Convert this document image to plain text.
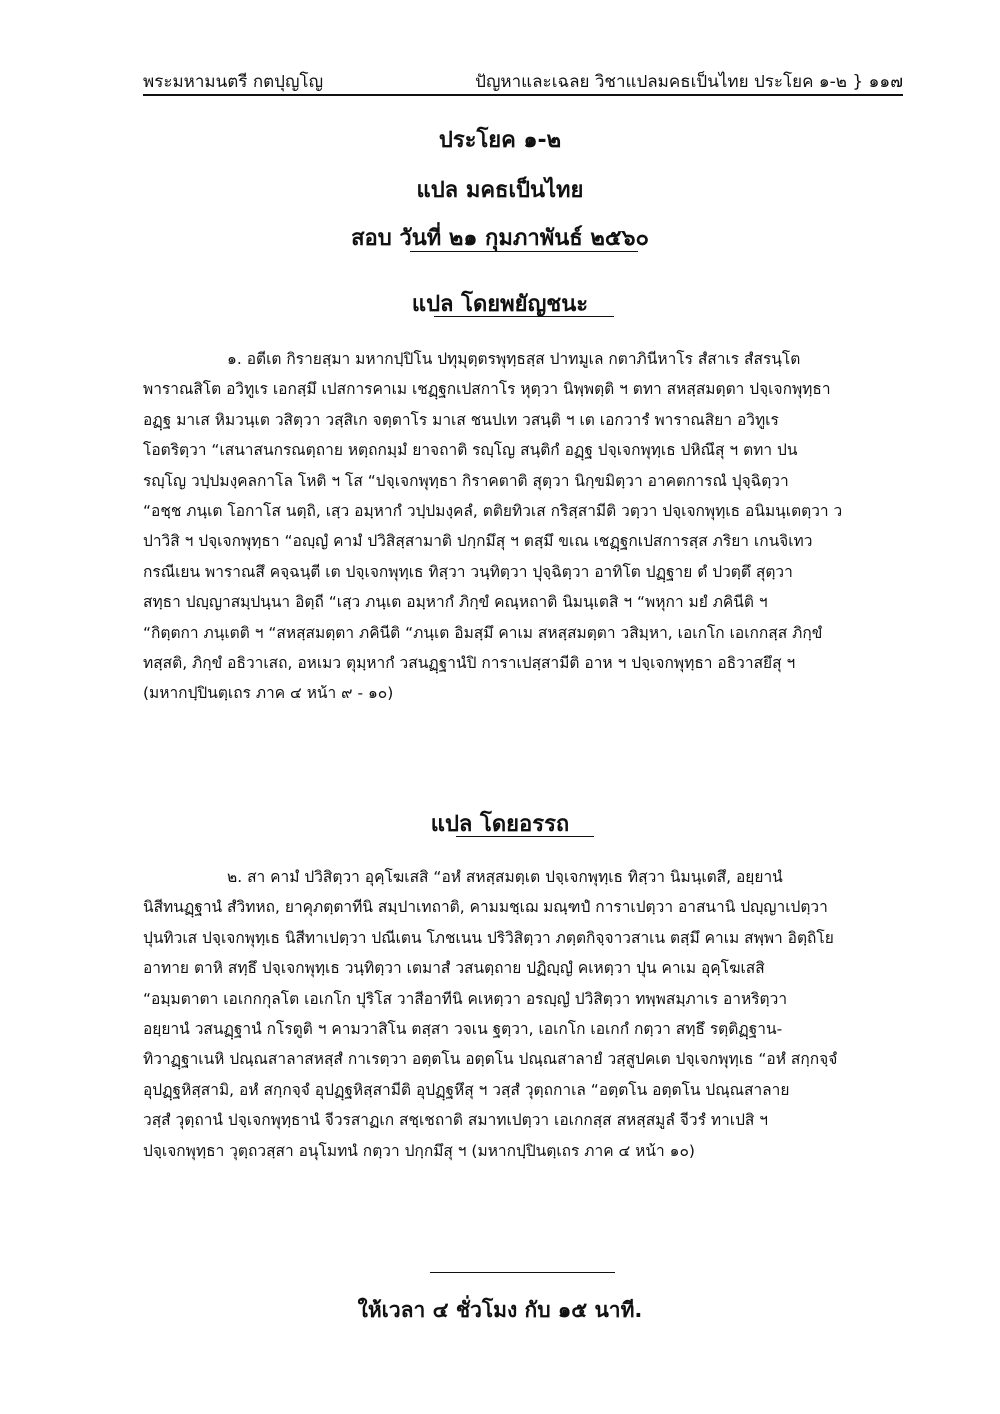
พระมหามนตรี กตปุญโญ	ปัญหาและเฉลย วิชาแปลมคธเป็นไทย ประโยค ๑-๒ } ๑๑๗
ประโยค ๑-๒
แปล มคธเป็นไทย
สอบ วันที่ ๒๑ กุมภาพันธ์ ๒๕๖๐
แปล โดยพยัญชนะ
๑. อตีเต กิรายสฺมา มหากปฺปิโน ปทุมุตฺตรพุทฺธสฺส ปาทมูเล กตาภินีหาโร สํสาเร สํสรนฺโต
พาราณสิโต อวิทูเร เอกสฺมึ เปสการคาเม เชฏฺฐกเปสกาโร หุตฺวา นิพฺพตฺติ ฯ ตทา สหสฺสมตฺตา ปจฺเจกพุทฺธา
อฏฺฐ มาเส หิมวนฺเต วสิตฺวา วสฺสิเก จตฺตาโร มาเส ชนปเท วสนฺติ ฯ เต เอกวารํ พาราณสิยา อวิทูเร
โอตริตฺวา “เสนาสนกรณตฺถาย หตฺถกมฺมํ ยาจถาติ รญฺโญ สนฺติกํ อฏฺฐ ปจฺเจกพุทฺเธ ปหิณึสุ ฯ ตทา ปน
รญฺโญ วปฺปมงฺคลกาโล โหติ ฯ โส “ปจฺเจกพุทฺธา กิราคตาติ สุตฺวา นิกฺขมิตฺวา อาคตการณํ ปุจฺฉิตฺวา
“อชฺช ภนฺเต โอกาโส นตฺถิ, เสฺว อมฺหากํ วปฺปมงฺคลํ, ตติยทิวเส กริสฺสามีติ วตฺวา ปจฺเจกพุทฺเธ อนิมนฺเตตฺวา ว
ปาวิสิ ฯ ปจฺเจกพุทฺธา “อญฺญํ คามํ ปวิสิสฺสามาติ ปกฺกมึสุ ฯ ตสฺมึ ขเณ เชฏฺฐกเปสการสฺส ภริยา เกนจิเทว
กรณีเยน พาราณสึ คจฺฉนฺตี เต ปจฺเจกพุทฺเธ ทิสฺวา วนฺทิตฺวา ปุจฺฉิตฺวา อาทิโต ปฏฺฐาย ตํ ปวตฺตึ สุตฺวา
สทฺธา ปญฺญาสมฺปนฺนา อิตฺถี “เสฺว ภนฺเต อมฺหากํ ภิกฺขํ คณฺหถาติ นิมนฺเตสิ ฯ “พหุกา มยํ ภคินีติ ฯ
“กิตฺตกา ภนฺเตติ ฯ “สหสฺสมตฺตา ภคินีติ “ภนฺเต อิมสฺมึ คาเม สหสฺสมตฺตา วสิมฺหา, เอเกโก เอเกกสฺส ภิกฺขํ
ทสฺสติ, ภิกฺขํ อธิวาเสถ, อหเมว ตุมฺหากํ วสนฏฺฐานํปิ การาเปสฺสามีติ อาห ฯ ปจฺเจกพุทฺธา อธิวาสยึสุ ฯ
(มหากปฺปินตฺเถร ภาค ๔ หน้า ๙ - ๑๐)
แปล โดยอรรถ
๒. สา คามํ ปวิสิตฺวา อุคฺโฆเสสิ “อหํ สหสฺสมตฺเต ปจฺเจกพุทฺเธ ทิสฺวา นิมนฺเตสึ, อยฺยานํ
นิสีทนฏฺฐานํ สํวิทหถ, ยาคุภตฺตาทีนิ สมฺปาเทถาติ, คามมชฺเฌ มณฺฑปํ การาเปตฺวา อาสนานิ ปญฺญาเปตฺวา
ปุนทิวเส ปจฺเจกพุทฺเธ นิสีทาเปตฺวา ปณีเตน โภชเนน ปริวิสิตฺวา ภตฺตกิจฺจาวสาเน ตสฺมึ คาเม สพฺพา อิตฺถิโย
อาทาย ตาหิ สทฺธึ ปจฺเจกพุทฺเธ วนฺทิตฺวา เตมาสํ วสนตฺถาย ปฏิญฺญํ คเหตฺวา ปุน คาเม อุคฺโฆเสสิ
“อมฺมตาตา เอเกกกุลโต เอเกโก ปุริโส วาสีอาทีนิ คเหตฺวา อรญฺญํ ปวิสิตฺวา ทพฺพสมฺภาเร อาหริตฺวา
อยฺยานํ วสนฏฺฐานํ กโรตูติ ฯ คามวาสิโน ตสฺสา วจเน ฐตฺวา, เอเกโก เอเกกํ กตฺวา สทฺธึ รตฺติฏฺฐาน-
ทิวาฏฺฐาเนหิ ปณฺณสาลาสหสฺสํ กาเรตฺวา อตฺตโน อตฺตโน ปณฺณสาลายํ วสฺสูปคเต ปจฺเจกพุทฺเธ “อหํ สกฺกจฺจํ
อุปฏฺฐหิสฺสามิ, อหํ สกฺกจฺจํ อุปฏฺฐหิสฺสามีติ อุปฏฺฐหึสุ ฯ วสฺสํ วุตฺถกาเล “อตฺตโน อตฺตโน ปณฺณสาลาย
วสฺสํ วุตฺถานํ ปจฺเจกพุทฺธานํ จีวรสาฏเก สชฺเชถาติ สมาทเปตฺวา เอเกกสฺส สหสฺสมูลํ จีวรํ ทาเปสิ ฯ
ปจฺเจกพุทฺธา วุตฺถวสฺสา อนุโมทนํ กตฺวา ปกฺกมึสุ ฯ (มหากปฺปินตฺเถร ภาค ๔ หน้า ๑๐)
ให้เวลา ๔ ชั่วโมง กับ ๑๕ นาที.
